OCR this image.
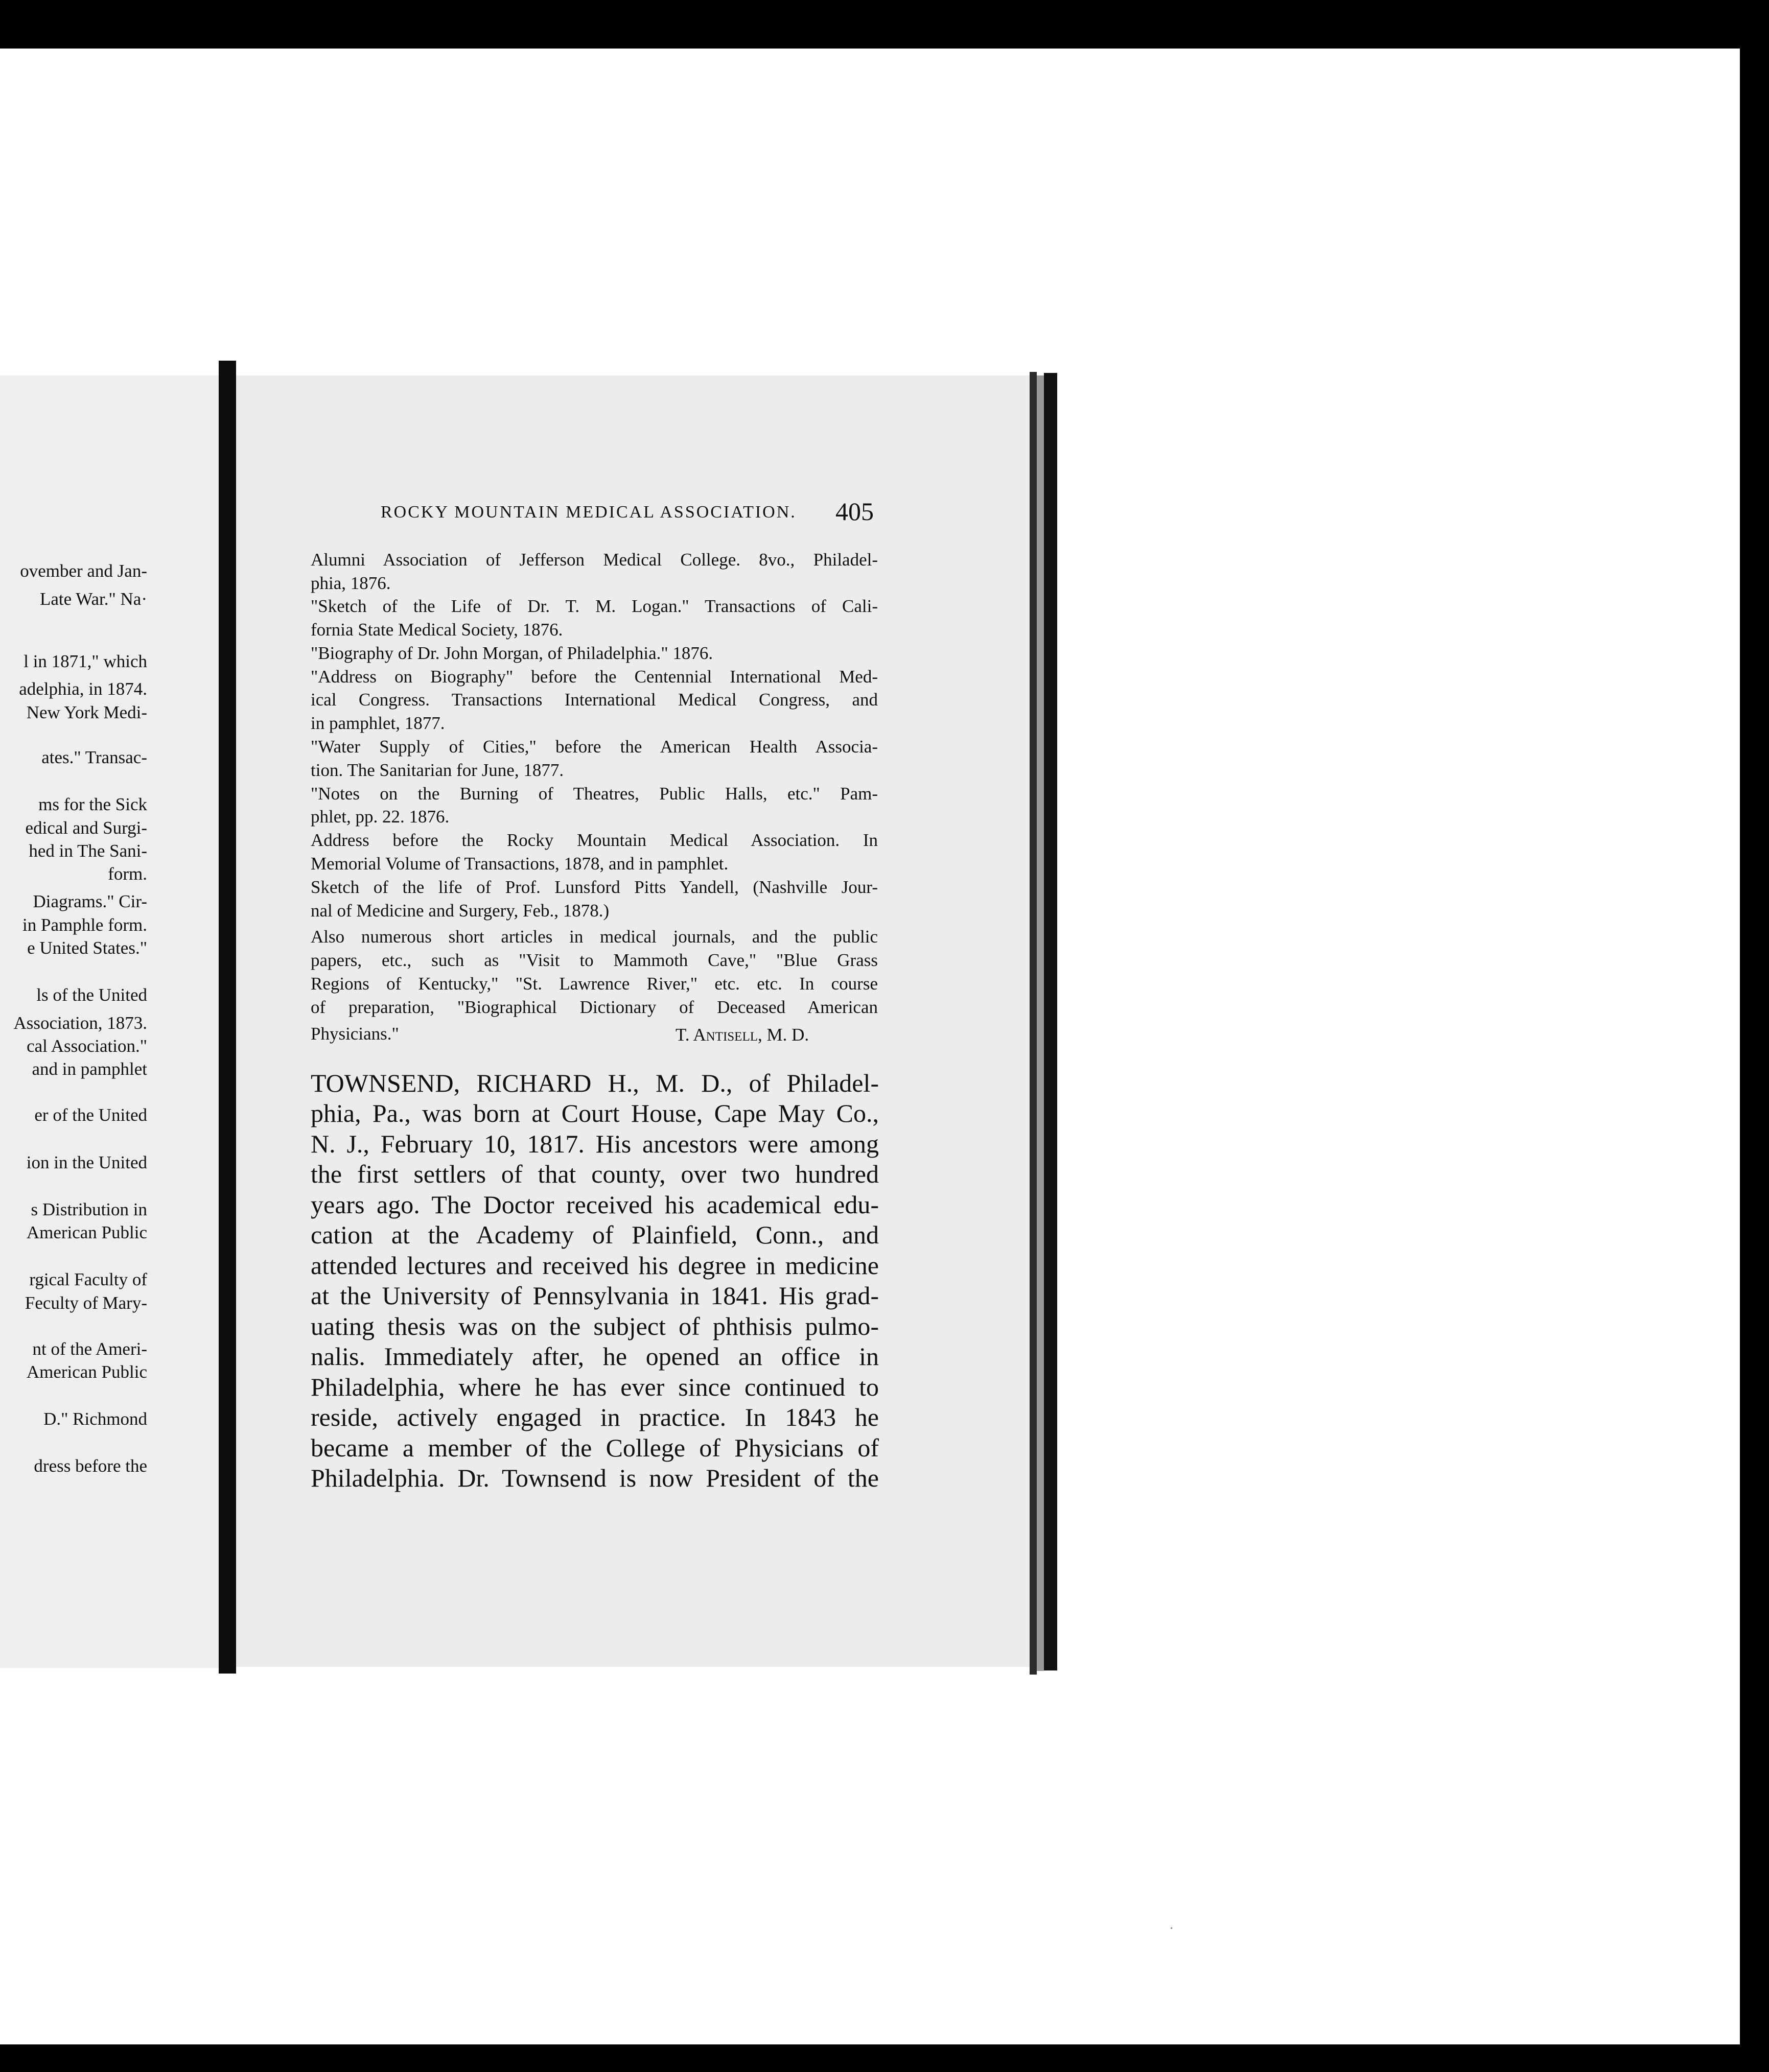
ovember and Jan-
Late War." Na·
l in 1871," which
adelphia, in 1874.
New York Medi-
ates." Transac-
ms for the Sick
edical and Surgi-
hed in The Sani-
form.
Diagrams." Cir-
in Pamphle form.
e United States."
ls of the United
Association, 1873.
cal Association."
and in pamphlet
er of the United
ion in the United
s Distribution in
American Public
rgical Faculty of
Feculty of Mary-
nt of the Ameri-
American Public
D." Richmond
dress before the
ROCKY MOUNTAIN MEDICAL ASSOCIATION. 405
Alumni Association of Jefferson Medical College. 8vo., Philadel-
phia, 1876.
"Sketch of the Life of Dr. T. M. Logan." Transactions of Cali-
fornia State Medical Society, 1876.
"Biography of Dr. John Morgan, of Philadelphia." 1876.
"Address on Biography" before the Centennial International Med-
ical Congress. Transactions International Medical Congress, and
in pamphlet, 1877.
"Water Supply of Cities," before the American Health Associa-
tion. The Sanitarian for June, 1877.
"Notes on the Burning of Theatres, Public Halls, etc." Pam-
phlet, pp. 22. 1876.
Address before the Rocky Mountain Medical Association. In
Memorial Volume of Transactions, 1878, and in pamphlet.
Sketch of the life of Prof. Lunsford Pitts Yandell, (Nashville Jour-
nal of Medicine and Surgery, Feb., 1878.)
Also numerous short articles in medical journals, and the public
papers, etc., such as "Visit to Mammoth Cave," "Blue Grass
Regions of Kentucky," "St. Lawrence River," etc. etc. In course
of preparation, "Biographical Dictionary of Deceased American
Physicians."	T. Antisell, M. D.
TOWNSEND, RICHARD H., M. D., of Philadel-
phia, Pa., was born at Court House, Cape May Co.,
N. J., February 10, 1817. His ancestors were among
the first settlers of that county, over two hundred
years ago. The Doctor received his academical edu-
cation at the Academy of Plainfield, Conn., and
attended lectures and received his degree in medicine
at the University of Pennsylvania in 1841. His grad-
uating thesis was on the subject of phthisis pulmo-
nalis. Immediately after, he opened an office in
Philadelphia, where he has ever since continued to
reside, actively engaged in practice. In 1843 he
became a member of the College of Physicians of
Philadelphia. Dr. Townsend is now President of the
·
